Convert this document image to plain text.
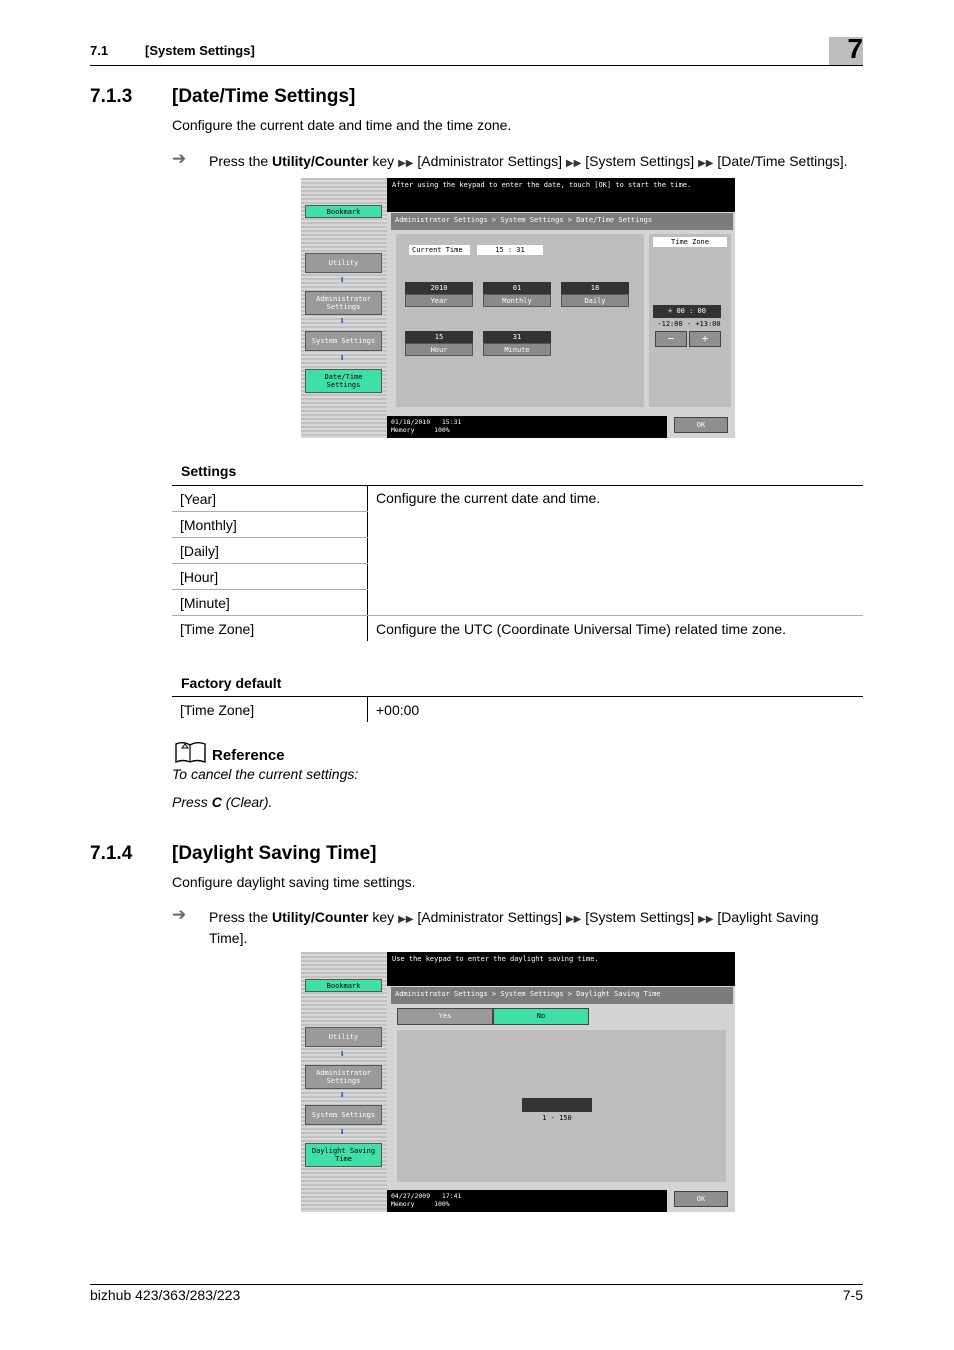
7.1	[System Settings]	7
7.1.3 [Date/Time Settings]
Configure the current date and time and the time zone.
➔ Press the Utility/Counter key ▶▶ [Administrator Settings] ▶▶ [System Settings] ▶▶ [Date/Time Settings].
Bookmark
Utility
⬇
Administrator Settings
⬇
System Settings
⬇
Date/Time Settings
After using the keypad to enter the date, touch [OK] to start the time.
Administrator Settings > System Settings > Date/Time Settings
Current Time	15 : 31
2010
Year
01
Monthly
18
Daily
15
Hour
31
Minute
Time Zone
+ 00 : 00
-12:00 - +13:00
−	+
01/18/2010 15:31
Memory	100%
OK
Settings
[Year]	Configure the current date and time.
[Monthly]	
[Daily]	
[Hour]	
[Minute]	
[Time Zone]	Configure the UTC (Coordinate Universal Time) related time zone.
Factory default
[Time Zone]	+00:00
Reference
To cancel the current settings:
Press C (Clear).
7.1.4 [Daylight Saving Time]
Configure daylight saving time settings.
➔ Press the Utility/Counter key ▶▶ [Administrator Settings] ▶▶ [System Settings] ▶▶ [Daylight Saving Time].
Bookmark
Utility
⬇
Administrator Settings
⬇
System Settings
⬇
Daylight Saving Time
Use the keypad to enter the daylight saving time.
Administrator Settings > System Settings > Daylight Saving Time
Yes	No
1 - 150
04/27/2009 17:41
Memory	100%
OK
bizhub 423/363/283/223	7-5
